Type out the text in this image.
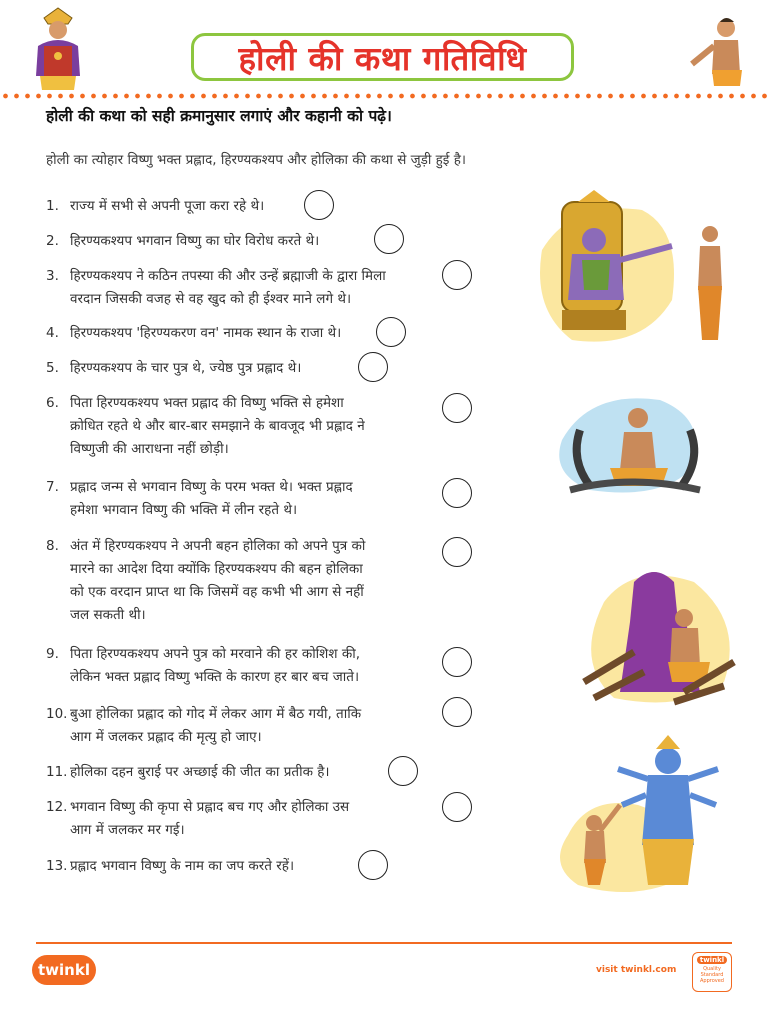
होली की कथा गतिविधि
होली की कथा को सही क्रमानुसार लगाएं और कहानी को पढ़े।
होली का त्योहार विष्णु भक्त प्रह्लाद, हिरण्यकश्यप और होलिका की कथा से जुड़ी हुई है।
1. राज्य में सभी से अपनी पूजा करा रहे थे।
2. हिरण्यकश्यप भगवान विष्णु का घोर विरोध करते थे।
3. हिरण्यकश्यप ने कठिन तपस्या की और उन्हें ब्रह्माजी के द्वारा मिला
वरदान जिसकी वजह से वह खुद को ही ईश्वर माने लगे थे।
4. हिरण्यकश्यप 'हिरण्यकरण वन' नामक स्थान के राजा थे।
5. हिरण्यकश्यप के चार पुत्र थे, ज्येष्ठ पुत्र प्रह्लाद थे।
6. पिता हिरण्यकश्यप भक्त प्रह्लाद की विष्णु भक्ति से हमेशा
क्रोधित रहते थे और बार-बार समझाने के बावजूद भी प्रह्लाद ने
विष्णुजी की आराधना नहीं छोड़ी।
7. प्रह्लाद जन्म से भगवान विष्णु के परम भक्त थे। भक्त प्रह्लाद
हमेशा भगवान विष्णु की भक्ति में लीन रहते थे।
8. अंत में हिरण्यकश्यप ने अपनी बहन होलिका को अपने पुत्र को
मारने का आदेश दिया क्योंकि हिरण्यकश्यप की बहन होलिका
को एक वरदान प्राप्त था कि जिसमें वह कभी भी आग से नहीं
जल सकती थी।
9. पिता हिरण्यकश्यप अपने पुत्र को मरवाने की हर कोशिश की,
लेकिन भक्त प्रह्लाद विष्णु भक्ति के कारण हर बार बच जाते।
10. बुआ होलिका प्रह्लाद को गोद में लेकर आग में बैठ गयी, ताकि
आग में जलकर प्रह्लाद की मृत्यु हो जाए।
11. होलिका दहन बुराई पर अच्छाई की जीत का प्रतीक है।
12. भगवान विष्णु की कृपा से प्रह्लाद बच गए और होलिका उस
आग में जलकर मर गई।
13. प्रह्लाद भगवान विष्णु के नाम का जप करते रहें।
twinkl	visit twinkl.com
twinkl
Quality Standard Approved
